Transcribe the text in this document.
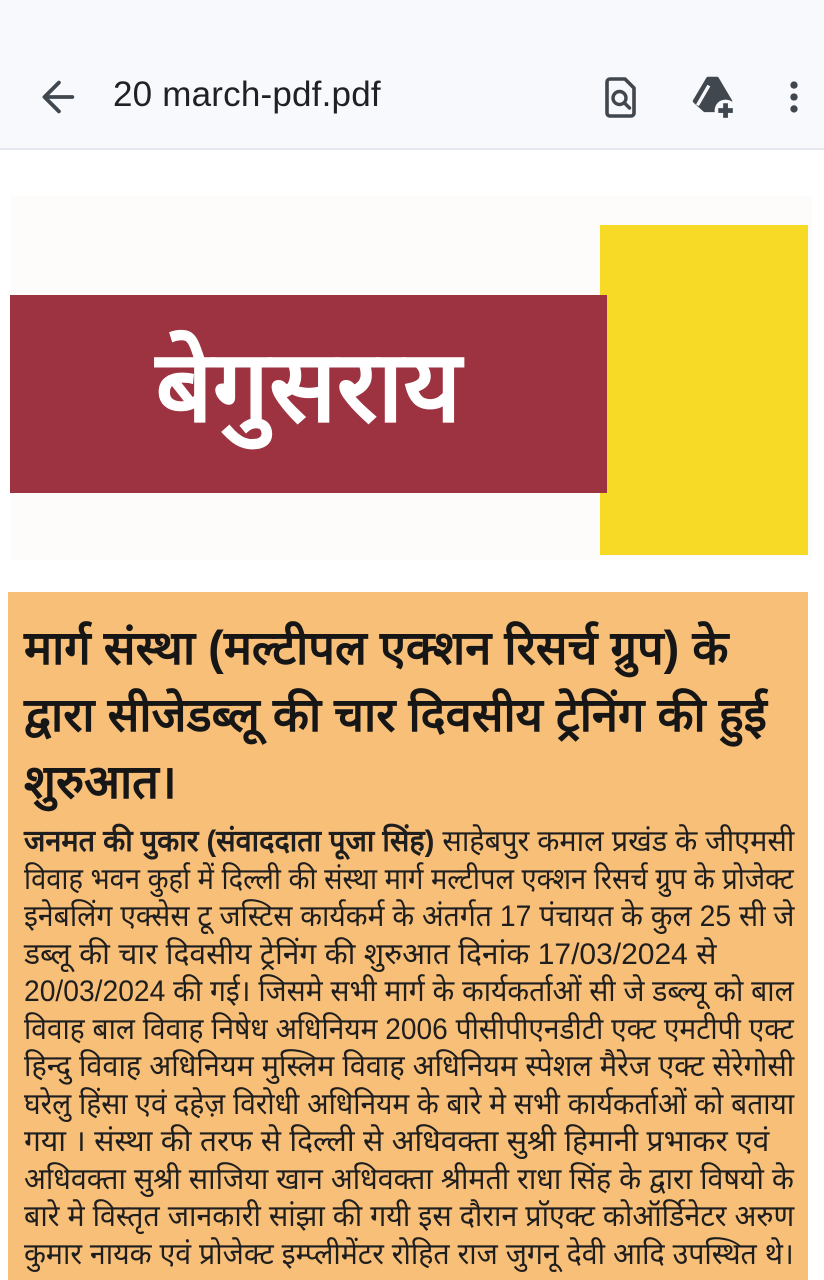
20 march-pdf.pdf
बेगुसराय
मार्ग संस्था (मल्टीपल एक्शन रिसर्च ग्रुप) के
द्वारा सीजेडब्लू की चार दिवसीय ट्रेनिंग की हुई
शुरुआत।
जनमत की पुकार (संवाददाता पूजा सिंह) साहेबपुर कमाल प्रखंड के जीएमसी
विवाह भवन कुर्हा में दिल्ली की संस्था मार्ग मल्टीपल एक्शन रिसर्च ग्रुप के प्रोजेक्ट
इनेबलिंग एक्सेस टू जस्टिस कार्यकर्म के अंतर्गत 17 पंचायत के कुल 25 सी जे
डब्लू की चार दिवसीय ट्रेनिंग की शुरुआत दिनांक 17/03/2024 से
20/03/2024 की गई। जिसमे सभी मार्ग के कार्यकर्ताओं सी जे डब्ल्यू को बाल
विवाह बाल विवाह निषेध अधिनियम 2006 पीसीपीएनडीटी एक्ट एमटीपी एक्ट
हिन्दु विवाह अधिनियम मुस्लिम विवाह अधिनियम स्पेशल मैरेज एक्ट सेरेगोसी
घरेलु हिंसा एवं दहेज़ विरोधी अधिनियम के बारे मे सभी कार्यकर्ताओं को बताया
गया । संस्था की तरफ से दिल्ली से अधिवक्ता सुश्री हिमानी प्रभाकर एवं
अधिवक्ता सुश्री साजिया खान अधिवक्ता श्रीमती राधा सिंह के द्वारा विषयो के
बारे मे विस्तृत जानकारी सांझा की गयी इस दौरान प्रॉएक्ट कोऑर्डिनेटर अरुण
कुमार नायक एवं प्रोजेक्ट इम्प्लीमेंटर रोहित राज जुगनू देवी आदि उपस्थित थे।
